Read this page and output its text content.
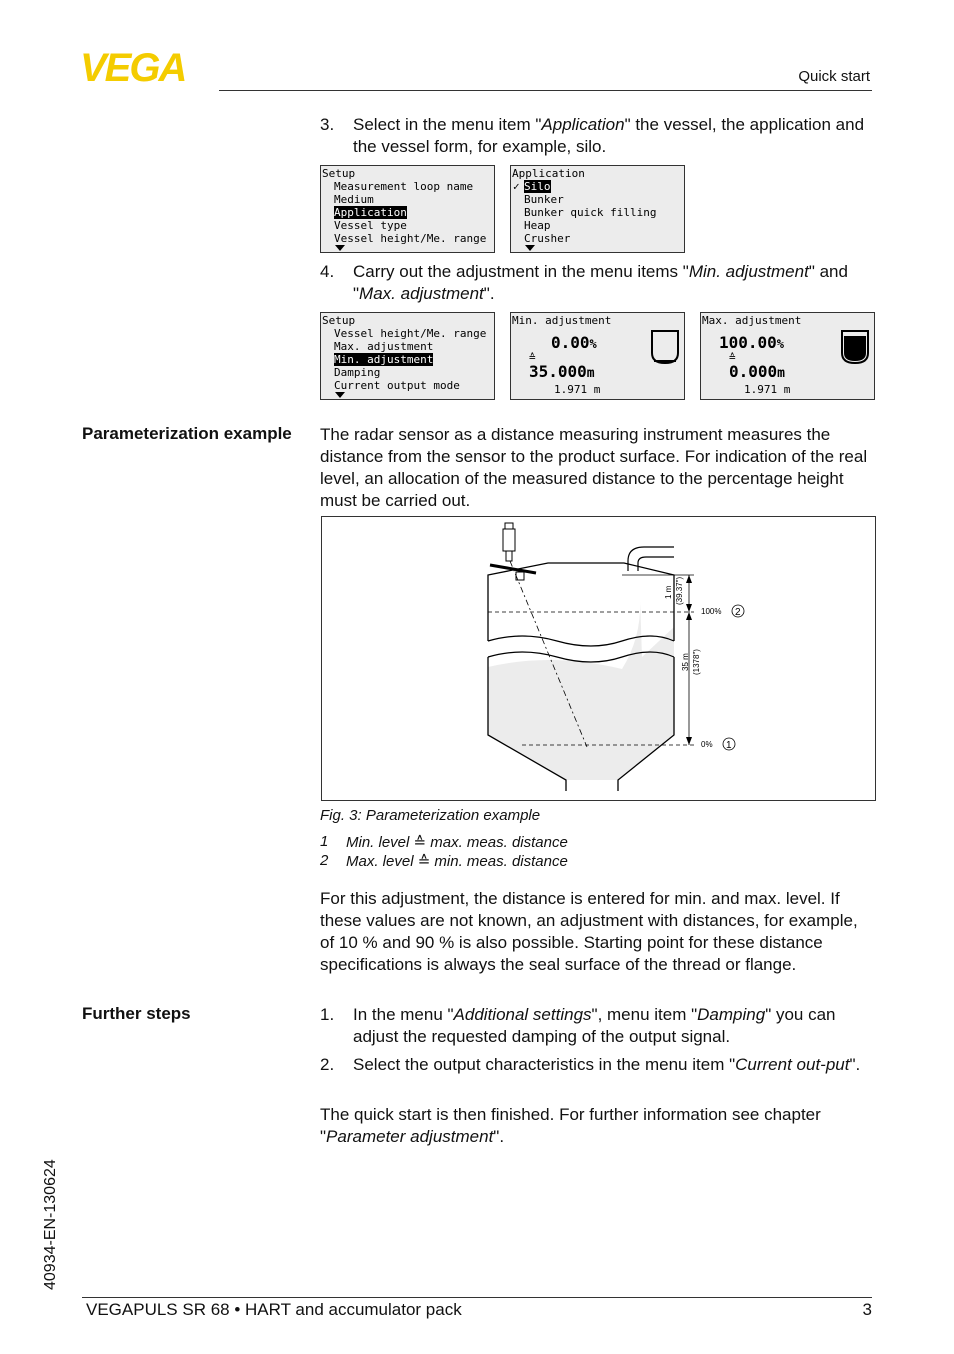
VEGA	Quick start
3. Select in the menu item "Application" the vessel, the application and the vessel form, for example, silo.
Setup
Measurement loop name
Medium
Application
Vessel type
Vessel height/Me. range
Application
✓ Silo
Bunker
Bunker quick filling
Heap
Crusher
4. Carry out the adjustment in the menu items "Min. adjustment" and "Max. adjustment".
Setup
Vessel height/Me. range
Max. adjustment
Min. adjustment
Damping
Current output mode
Min. adjustment
0.00%
≙
35.000m
1.971 m
Max. adjustment
100.00%
≙
0.000m
1.971 m
Parameterization example The radar sensor as a distance measuring instrument measures the distance from the sensor to the product surface. For indication of the real level, an allocation of the measured distance to the percentage height must be carried out.
1 m (39.37")
35 m (1378")
100% 2
0% 1
Fig. 3: Parameterization example
1 Min. level ≙ max. meas. distance
2 Max. level ≙ min. meas. distance
For this adjustment, the distance is entered for min. and max. level. If these values are not known, an adjustment with distances, for example, of 10 % and 90 % is also possible. Starting point for these distance specifications is always the seal surface of the thread or flange.
Further steps	1. In the menu "Additional settings", menu item "Damping" you can adjust the requested damping of the output signal.
2. Select the output characteristics in the menu item "Current out-put".
The quick start is then finished. For further information see chapter "Parameter adjustment".
40934-EN-130624
VEGAPULS SR 68 • HART and accumulator pack	3
